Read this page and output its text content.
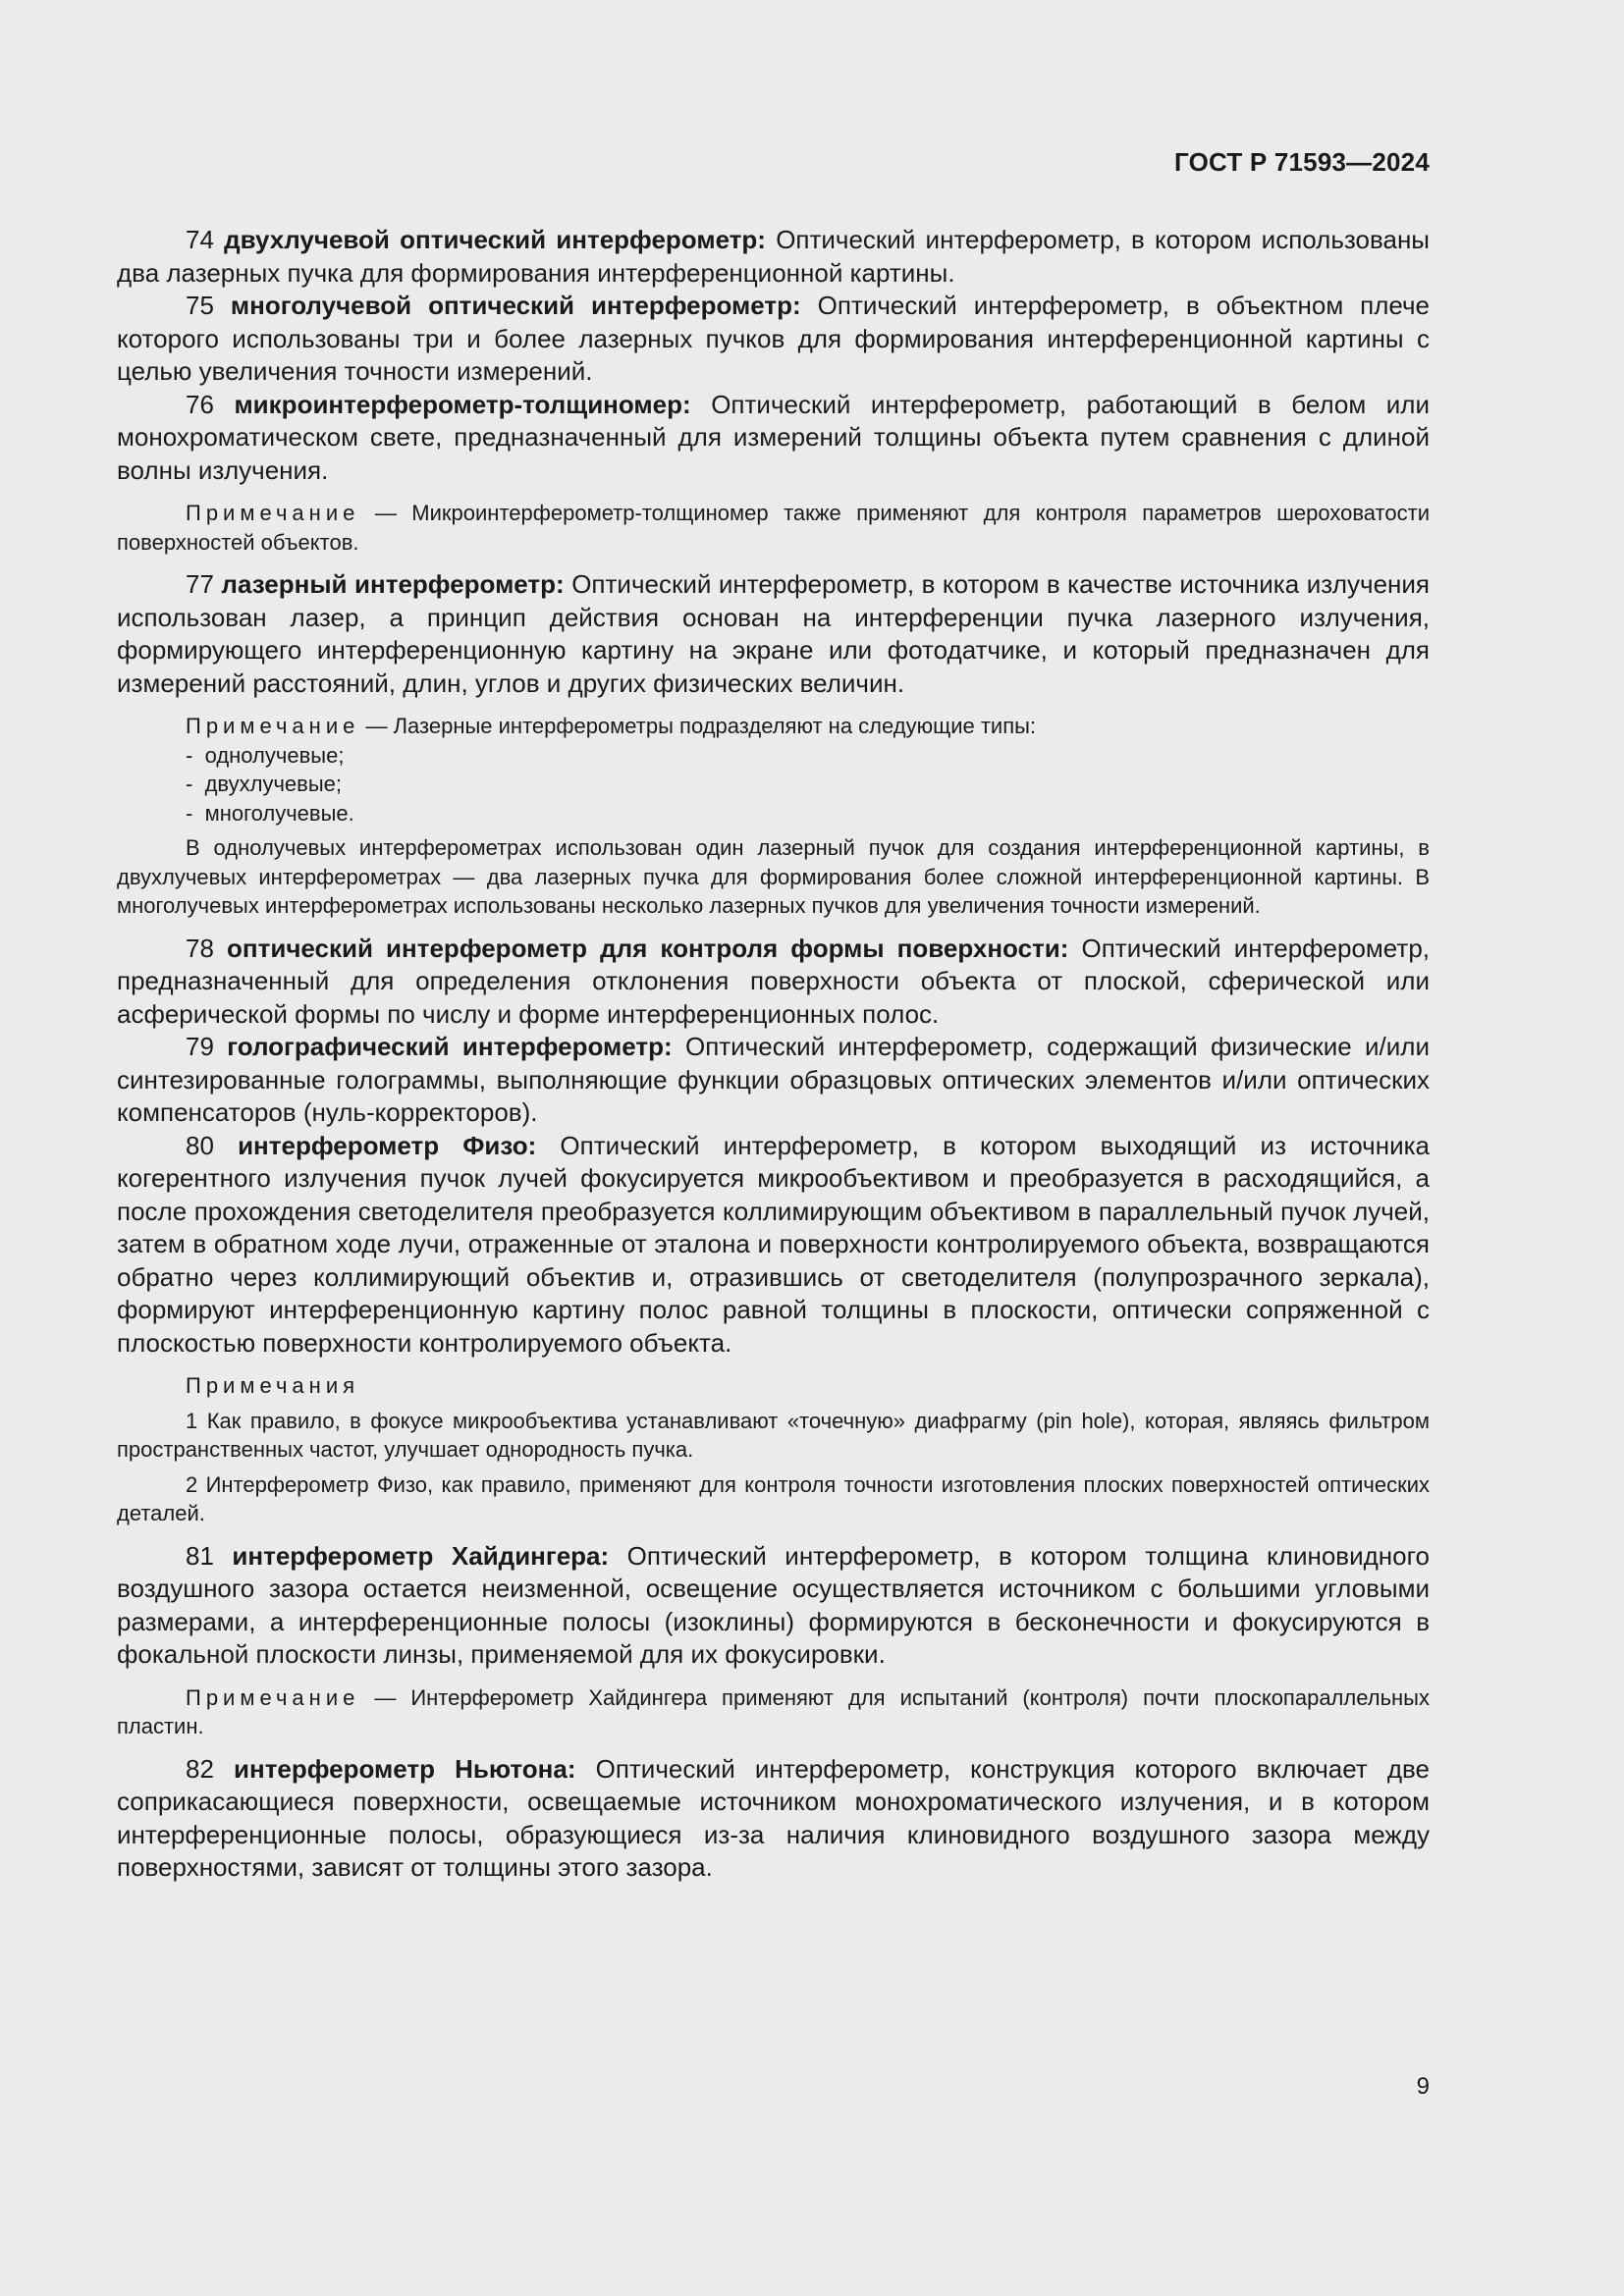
ГОСТ Р 71593—2024

74 двухлучевой оптический интерферометр: Оптический интерферометр, в котором использованы два лазерных пучка для формирования интерференционной картины.

75 многолучевой оптический интерферометр: Оптический интерферометр, в объектном плече которого использованы три и более лазерных пучков для формирования интерференционной картины с целью увеличения точности измерений.

76 микроинтерферометр-толщиномер: Оптический интерферометр, работающий в белом или монохроматическом свете, предназначенный для измерений толщины объекта путем сравнения с длиной волны излучения.

Примечание — Микроинтерферометр-толщиномер также применяют для контроля параметров шероховатости поверхностей объектов.

77 лазерный интерферометр: Оптический интерферометр, в котором в качестве источника излучения использован лазер, а принцип действия основан на интерференции пучка лазерного излучения, формирующего интерференционную картину на экране или фотодатчике, и который предназначен для измерений расстояний, длин, углов и других физических величин.

Примечание — Лазерные интерферометры подразделяют на следующие типы:

-  однолучевые;
-  двухлучевые;
-  многолучевые.

В однолучевых интерферометрах использован один лазерный пучок для создания интерференционной картины, в двухлучевых интерферометрах — два лазерных пучка для формирования более сложной интерференционной картины. В многолучевых интерферометрах использованы несколько лазерных пучков для увеличения точности измерений.

78 оптический интерферометр для контроля формы поверхности: Оптический интерферометр, предназначенный для определения отклонения поверхности объекта от плоской, сферической или асферической формы по числу и форме интерференционных полос.

79 голографический интерферометр: Оптический интерферометр, содержащий физические и/или синтезированные голограммы, выполняющие функции образцовых оптических элементов и/или оптических компенсаторов (нуль-корректоров).

80 интерферометр Физо: Оптический интерферометр, в котором выходящий из источника когерентного излучения пучок лучей фокусируется микрообъективом и преобразуется в расходящийся, а после прохождения светоделителя преобразуется коллимирующим объективом в параллельный пучок лучей, затем в обратном ходе лучи, отраженные от эталона и поверхности контролируемого объекта, возвращаются обратно через коллимирующий объектив и, отразившись от светоделителя (полупрозрачного зеркала), формируют интерференционную картину полос равной толщины в плоскости, оптически сопряженной с плоскостью поверхности контролируемого объекта.

Примечания

1 Как правило, в фокусе микрообъектива устанавливают «точечную» диафрагму (pin hole), которая, являясь фильтром пространственных частот, улучшает однородность пучка.

2 Интерферометр Физо, как правило, применяют для контроля точности изготовления плоских поверхностей оптических деталей.

81 интерферометр Хайдингера: Оптический интерферометр, в котором толщина клиновидного воздушного зазора остается неизменной, освещение осуществляется источником с большими угловыми размерами, а интерференционные полосы (изоклины) формируются в бесконечности и фокусируются в фокальной плоскости линзы, применяемой для их фокусировки.

Примечание — Интерферометр Хайдингера применяют для испытаний (контроля) почти плоскопараллельных пластин.

82 интерферометр Ньютона: Оптический интерферометр, конструкция которого включает две соприкасающиеся поверхности, освещаемые источником монохроматического излучения, и в котором интерференционные полосы, образующиеся из-за наличия клиновидного воздушного зазора между поверхностями, зависят от толщины этого зазора.

9
